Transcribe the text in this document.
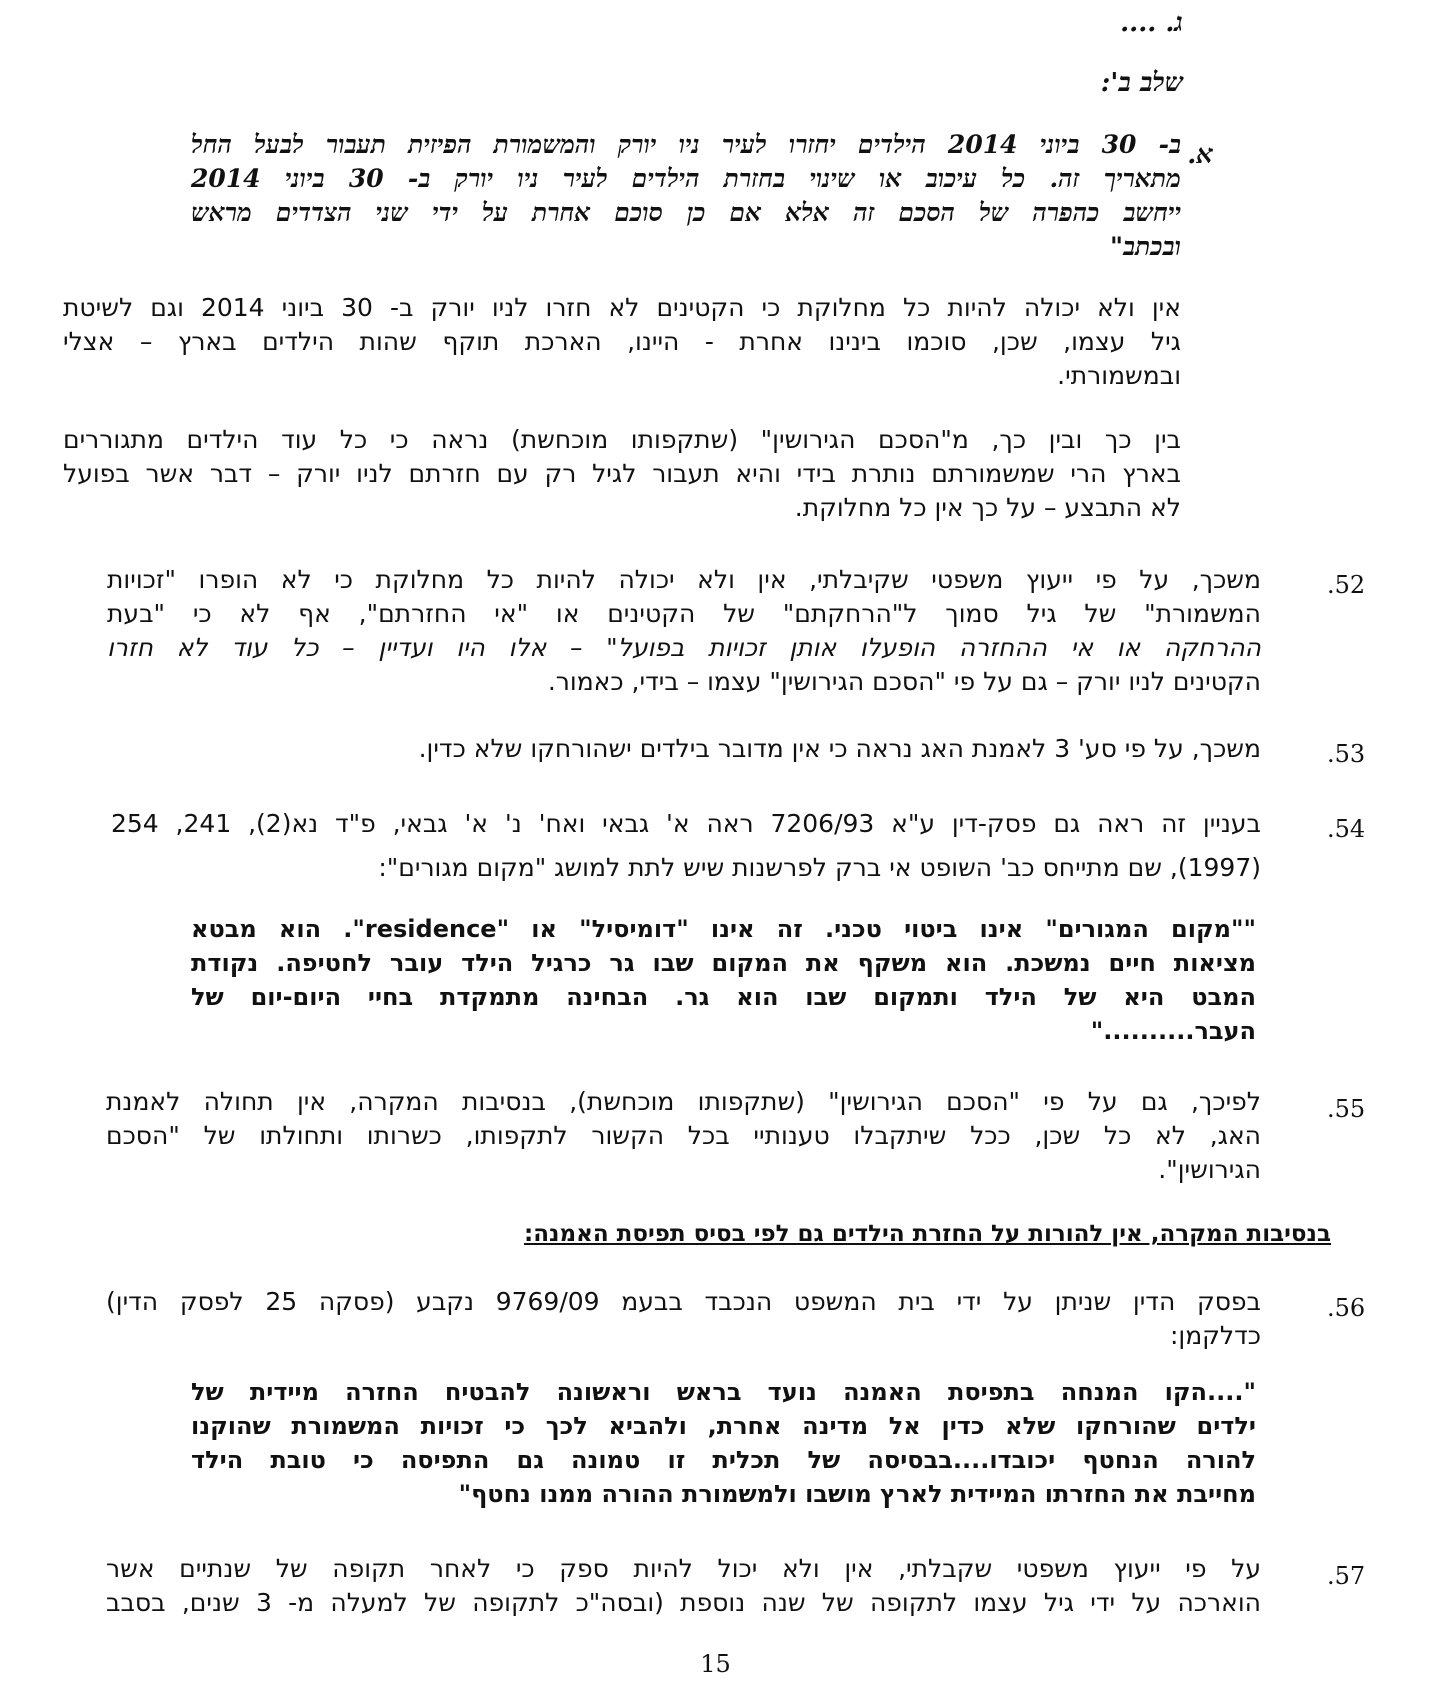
ג. ....
שלב ב':
א.
ב- 30 ביוני 2014 הילדים יחזרו לעיר ניו יורק והמשמורת הפיזית תעבור לבעל החל
מתאריך זה. כל עיכוב או שינוי בחזרת הילדים לעיר ניו יורק ב- 30 ביוני 2014
ייחשב כהפרה של הסכם זה אלא אם כן סוכם אחרת על ידי שני הצדדים מראש
ובכתב"
אין ולא יכולה להיות כל מחלוקת כי הקטינים לא חזרו לניו יורק ב- 30 ביוני 2014 וגם לשיטת
גיל עצמו, שכן, סוכמו בינינו אחרת - היינו, הארכת תוקף שהות הילדים בארץ – אצלי
ובמשמורתי.
בין כך ובין כך, מ"הסכם הגירושין" (שתקפותו מוכחשת) נראה כי כל עוד הילדים מתגוררים
בארץ הרי שמשמורתם נותרת בידי והיא תעבור לגיל רק עם חזרתם לניו יורק – דבר אשר בפועל
לא התבצע – על כך אין כל מחלוקת.
.52
משכך, על פי ייעוץ משפטי שקיבלתי, אין ולא יכולה להיות כל מחלוקת כי לא הופרו "זכויות
המשמורת" של גיל סמוך ל"הרחקתם" של הקטינים או "אי החזרתם", אף לא כי "בעת
ההרחקה או אי ההחזרה הופעלו אותן זכויות בפועל" – אלו היו ועדיין – כל עוד לא חזרו
הקטינים לניו יורק – גם על פי "הסכם הגירושין" עצמו – בידי, כאמור.
.53
משכך, על פי סע' 3 לאמנת האג נראה כי אין מדובר בילדים ישהורחקו שלא כדין.
.54
בעניין זה ראה גם פסק-דין ע"א 7206/93 ראה א' גבאי ואח' נ' א' גבאי, פ"ד נא(2), 241, 254
(1997), שם מתייחס כב' השופט אי ברק לפרשנות שיש לתת למושג "מקום מגורים":
""מקום המגורים" אינו ביטוי טכני. זה אינו "דומיסיל" או "residence". הוא מבטא
מציאות חיים נמשכת. הוא משקף את המקום שבו גר כרגיל הילד עובר לחטיפה. נקודת
המבט היא של הילד ותמקום שבו הוא גר. הבחינה מתמקדת בחיי היום-יום של
העבר.........."
.55
לפיכך, גם על פי "הסכם הגירושין" (שתקפותו מוכחשת), בנסיבות המקרה, אין תחולה לאמנת
האג, לא כל שכן, ככל שיתקבלו טענותיי בכל הקשור לתקפותו, כשרותו ותחולתו של "הסכם
הגירושין".
בנסיבות המקרה, אין להורות על החזרת הילדים גם לפי בסיס תפיסת האמנה:
.56
בפסק הדין שניתן על ידי בית המשפט הנכבד בבעמ 9769/09 נקבע (פסקה 25 לפסק הדין)
כדלקמן:
"....הקו המנחה בתפיסת האמנה נועד בראש וראשונה להבטיח החזרה מיידית של
ילדים שהורחקו שלא כדין אל מדינה אחרת, ולהביא לכך כי זכויות המשמורת שהוקנו
להורה הנחטף יכובדו....בבסיסה של תכלית זו טמונה גם התפיסה כי טובת הילד
מחייבת את החזרתו המיידית לארץ מושבו ולמשמורת ההורה ממנו נחטף"
.57
על פי ייעוץ משפטי שקבלתי, אין ולא יכול להיות ספק כי לאחר תקופה של שנתיים אשר
הוארכה על ידי גיל עצמו לתקופה של שנה נוספת (ובסה"כ לתקופה של למעלה מ- 3 שנים, בסבב
15
